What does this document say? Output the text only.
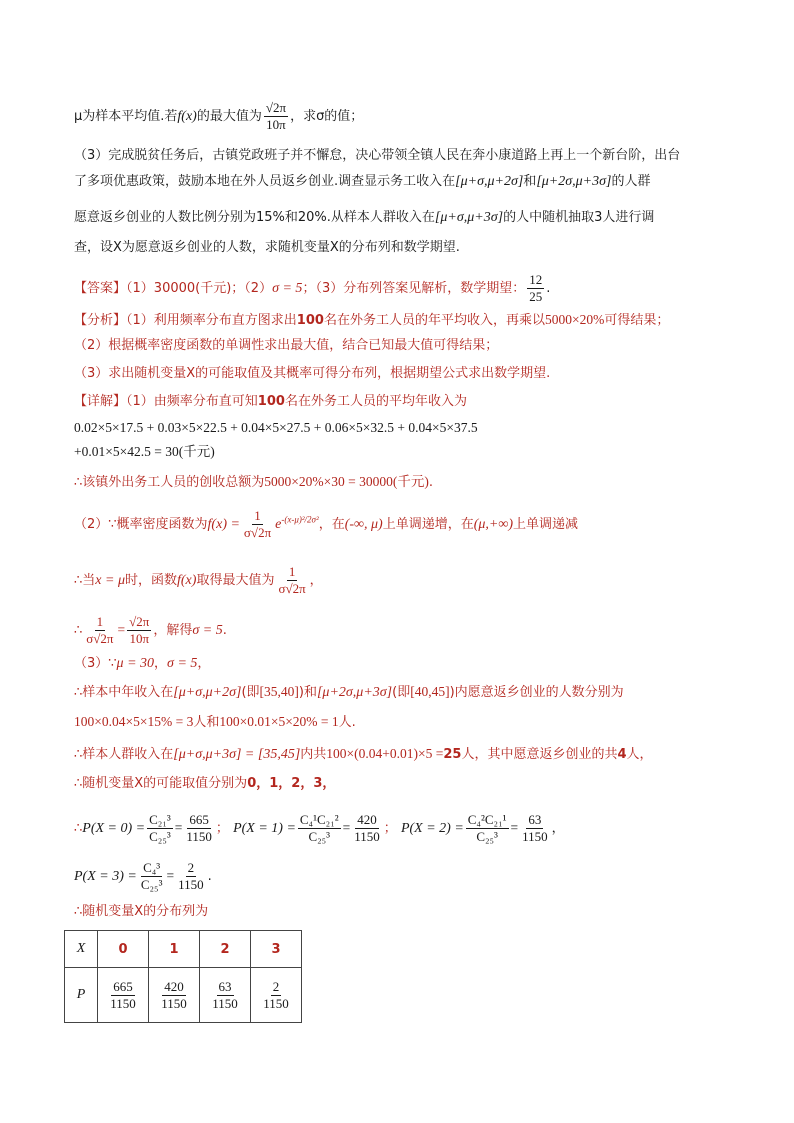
μ为样本平均值.若f(x)的最大值为 $\frac{√2\pi}{10\pi}$ ，求σ的值；
（3）完成脱贫任务后，古镇党政班子并不懈怠，决心带领全镇人民在奔小康道路上再上一个新台阶，出台
了多项优惠政策，鼓励本地在外人员返乡创业.调查显示务工收入在[μ+σ,μ+2σ]和[μ+2σ,μ+3σ]的人群
愿意返乡创业的人数比例分别为15%和20%.从样本人群收入在[μ+σ,μ+3σ]的人中随机抽取3人进行调
查，设X为愿意返乡创业的人数，求随机变量X的分布列和数学期望.
【答案】（1）30000(千元)；（2）σ = 5；（3）分布列答案见解析，数学期望： $\frac{12}{25}$ .
【分析】（1）利用频率分布直方图求出100名在外务工人员的年平均收入，再乘以5000×20%可得结果；
（2）根据概率密度函数的单调性求出最大值，结合已知最大值可得结果；
（3）求出随机变量X的可能取值及其概率可得分布列，根据期望公式求出数学期望.
【详解】（1）由频率分布直可知100名在外务工人员的平均年收入为
0.02×5×17.5 + 0.03×5×22.5 + 0.04×5×27.5 + 0.06×5×32.5 + 0.04×5×37.5
+0.01×5×42.5 = 30(千元)
∴该镇外出务工人员的创收总额为5000×20%×30 = 30000(千元).
（2）∵概率密度函数为$f(x) = \frac{1}{\sigma√2\pi} e^{-(x-\mu)^2/2\sigma^2}$，在(-∞, μ)上单调递增，在(μ,+∞)上单调递减
∴当x = μ时，函数f(x)取得最大值为 $\frac{1}{\sigma√2\pi}$ ，
∴ $\frac{1}{\sigma√2\pi} = \frac{√2\pi}{10\pi}$ ，解得σ = 5.
（3）∵μ = 30，σ = 5，
∴样本中年收入在[μ+σ,μ+2σ](即[35,40])和[μ+2σ,μ+3σ](即[40,45])内愿意返乡创业的人数分别为
100×0.04×5×15% = 3人和100×0.01×5×20% = 1人.
∴样本人群收入在[μ+σ,μ+3σ] = [35,45]内共100×(0.04+0.01)×5 =25人，其中愿意返乡创业的共4人，
∴随机变量X的可能取值分别为0，1，2，3，
∴P(X = $0) = \frac{\text{C₂₁³}}{\text{C₂₅³}} = \frac{665}{1150}$ ； $P(X = 1) = \frac{\text{C₄¹C₂₁²}}{\text{C₂₅³}} = \frac{420}{1150}$ ； $P(X = 2) = \frac{\text{C₄²C₂₁¹}}{\text{C₂₅³}} = \frac{63}{1150}$ ，
$P(X = 3) = \frac{\text{C₄³}}{\text{C₂₅³}} = \frac{2}{1150}$ .
∴随机变量X的分布列为
X	0	1	2	3
P	$\frac{665}{1150}$	$\frac{420}{1150}$	$\frac{63}{1150}$	$\frac{2}{1150}$
